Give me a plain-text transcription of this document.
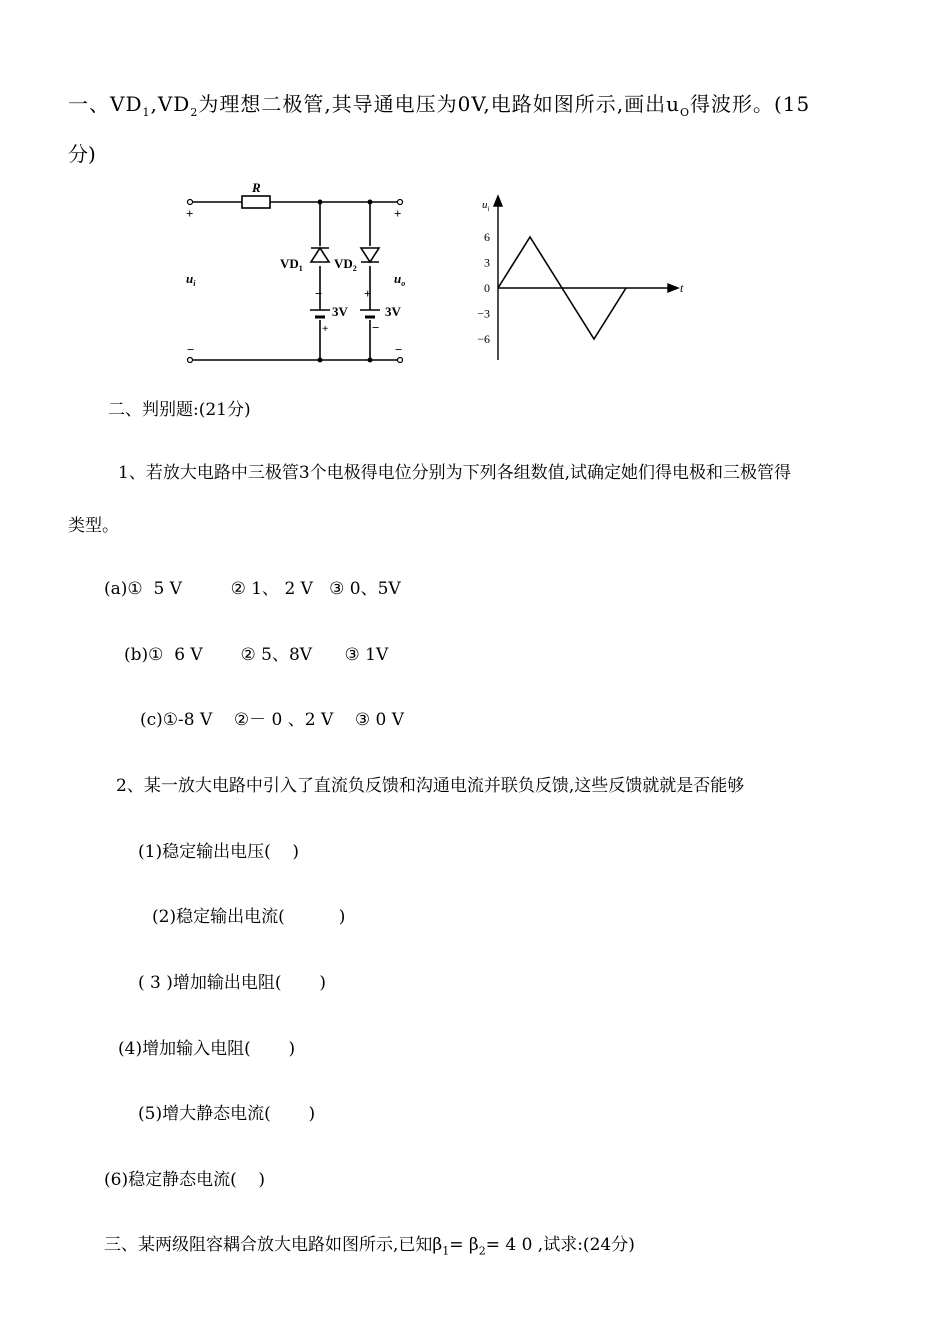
一、$VD_1,VD_2$为理想二极管,其导通电压为0V,电路如图所示,画出$u_O$得波形。(15
分)
R
+	+
−	−
$u_i$	$u_o$
$VD_1$ $VD_2$
−
+
3V
+
−
3V
6
3
0
−3
−6
$u_i$
t
二、判别题:(21分)
1、若放大电路中三极管3个电极得电位分别为下列各组数值,试确定她们得电极和三极管得
类型。
(a)①  5 V         ② 1、 2 V   ③ 0、5V
(b)①  6 V       ② 5、8V      ③ 1V
(c)①-8 V    ②－ 0 、2 V    ③ 0 V
2、某一放大电路中引入了直流负反馈和沟通电流并联负反馈,这些反馈就就是否能够
(1)稳定输出电压(    )
(2)稳定输出电流(          )
( 3 )增加输出电阻(       )
(4)增加输入电阻(       )
(5)增大静态电流(       )
(6)稳定静态电流(    )
三、某两级阻容耦合放大电路如图所示,已知$\beta_1= \beta_2= 4$ 0 ,试求:(24分)
